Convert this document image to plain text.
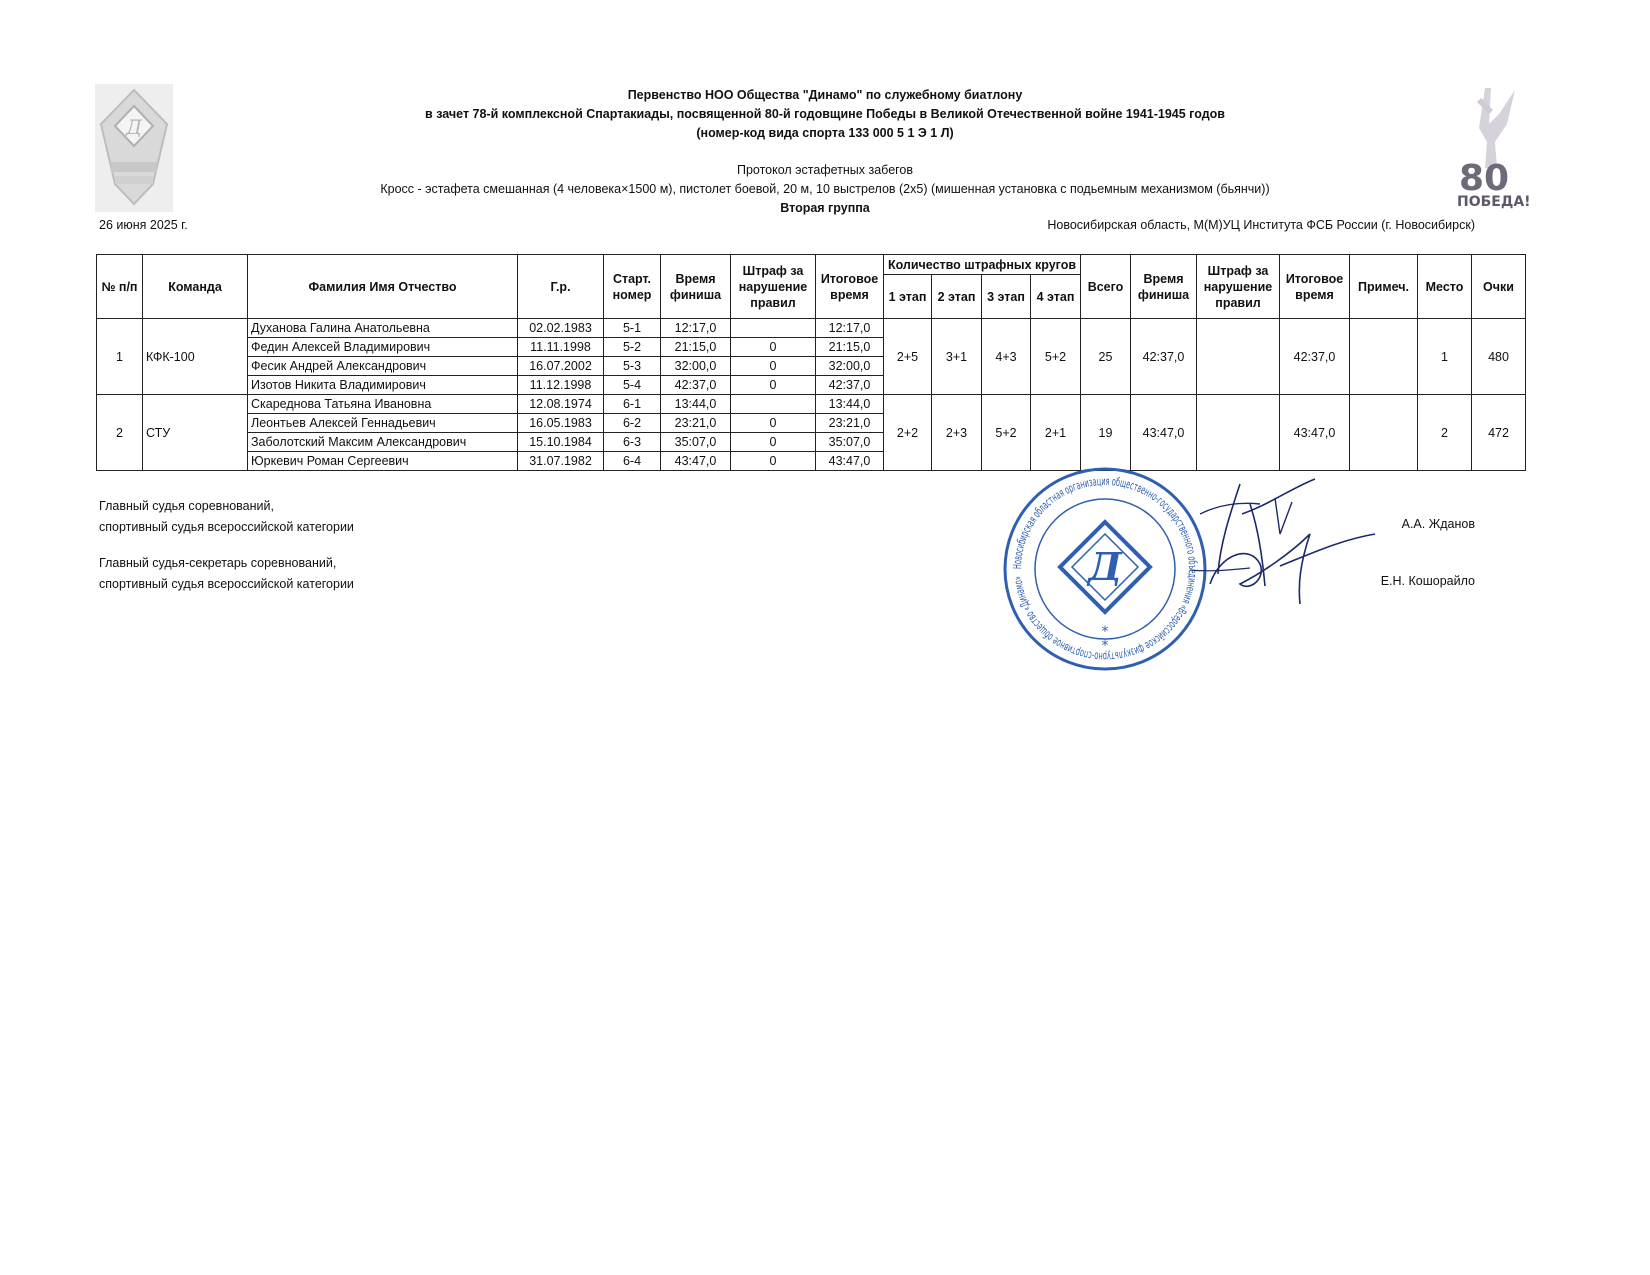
Д
80
ПОБЕДА!
Первенство НОО Общества "Динамо" по служебному биатлону
в зачет 78-й комплексной Спартакиады, посвященной 80-й годовщине Победы в Великой Отечественной войне 1941-1945 годов
(номер-код вида спорта 133 000 5 1 Э 1 Л)
Протокол эстафетных забегов
Кросс - эстафета смешанная (4 человека×1500 м), пистолет боевой, 20 м, 10 выстрелов (2х5) (мишенная установка с подьемным механизмом (бьянчи))
Вторая группа
26 июня 2025 г.	Новосибирская область, М(М)УЦ Института ФСБ России (г. Новосибирск)
№ п/п	Команда	Фамилия Имя Отчество	Г.р.	Старт. номер	Время финиша	Штраф за нарушение правил	Итоговое время	Количество штрафных кругов				Всего	Время финиша	Штраф за нарушение правил	Итоговое время	Примеч.	Место	Очки
								1 этап	2 этап	3 этап	4 этап							
1	КФК-100	Духанова Галина Анатольевна	02.02.1983	5-1	12:17,0		12:17,0	2+5	3+1	4+3	5+2	25	42:37,0		42:37,0		1	480
		Федин Алексей Владимирович	11.11.1998	5-2	21:15,0	0	21:15,0											
		Фесик Андрей Александрович	16.07.2002	5-3	32:00,0	0	32:00,0											
		Изотов Никита Владимирович	11.12.1998	5-4	42:37,0	0	42:37,0											
2	СТУ	Скареднова Татьяна Ивановна	12.08.1974	6-1	13:44,0		13:44,0	2+2	2+3	5+2	2+1	19	43:47,0		43:47,0		2	472
		Леонтьев Алексей Геннадьевич	16.05.1983	6-2	23:21,0	0	23:21,0											
		Заболотский Максим Александрович	15.10.1984	6-3	35:07,0	0	35:07,0											
		Юркевич Роман Сергеевич	31.07.1982	6-4	43:47,0	0	43:47,0											
Главный судья соревнований,
спортивный судья всероссийской категории	А.А. Жданов
Главный судья-секретарь соревнований,
спортивный судья всероссийской категории	Е.Н. Кошорайло
Новосибирская областная организация общественно-государственного объединения «Всероссийское физкультурно-спортивное общество «Динамо»	Д
*
*
